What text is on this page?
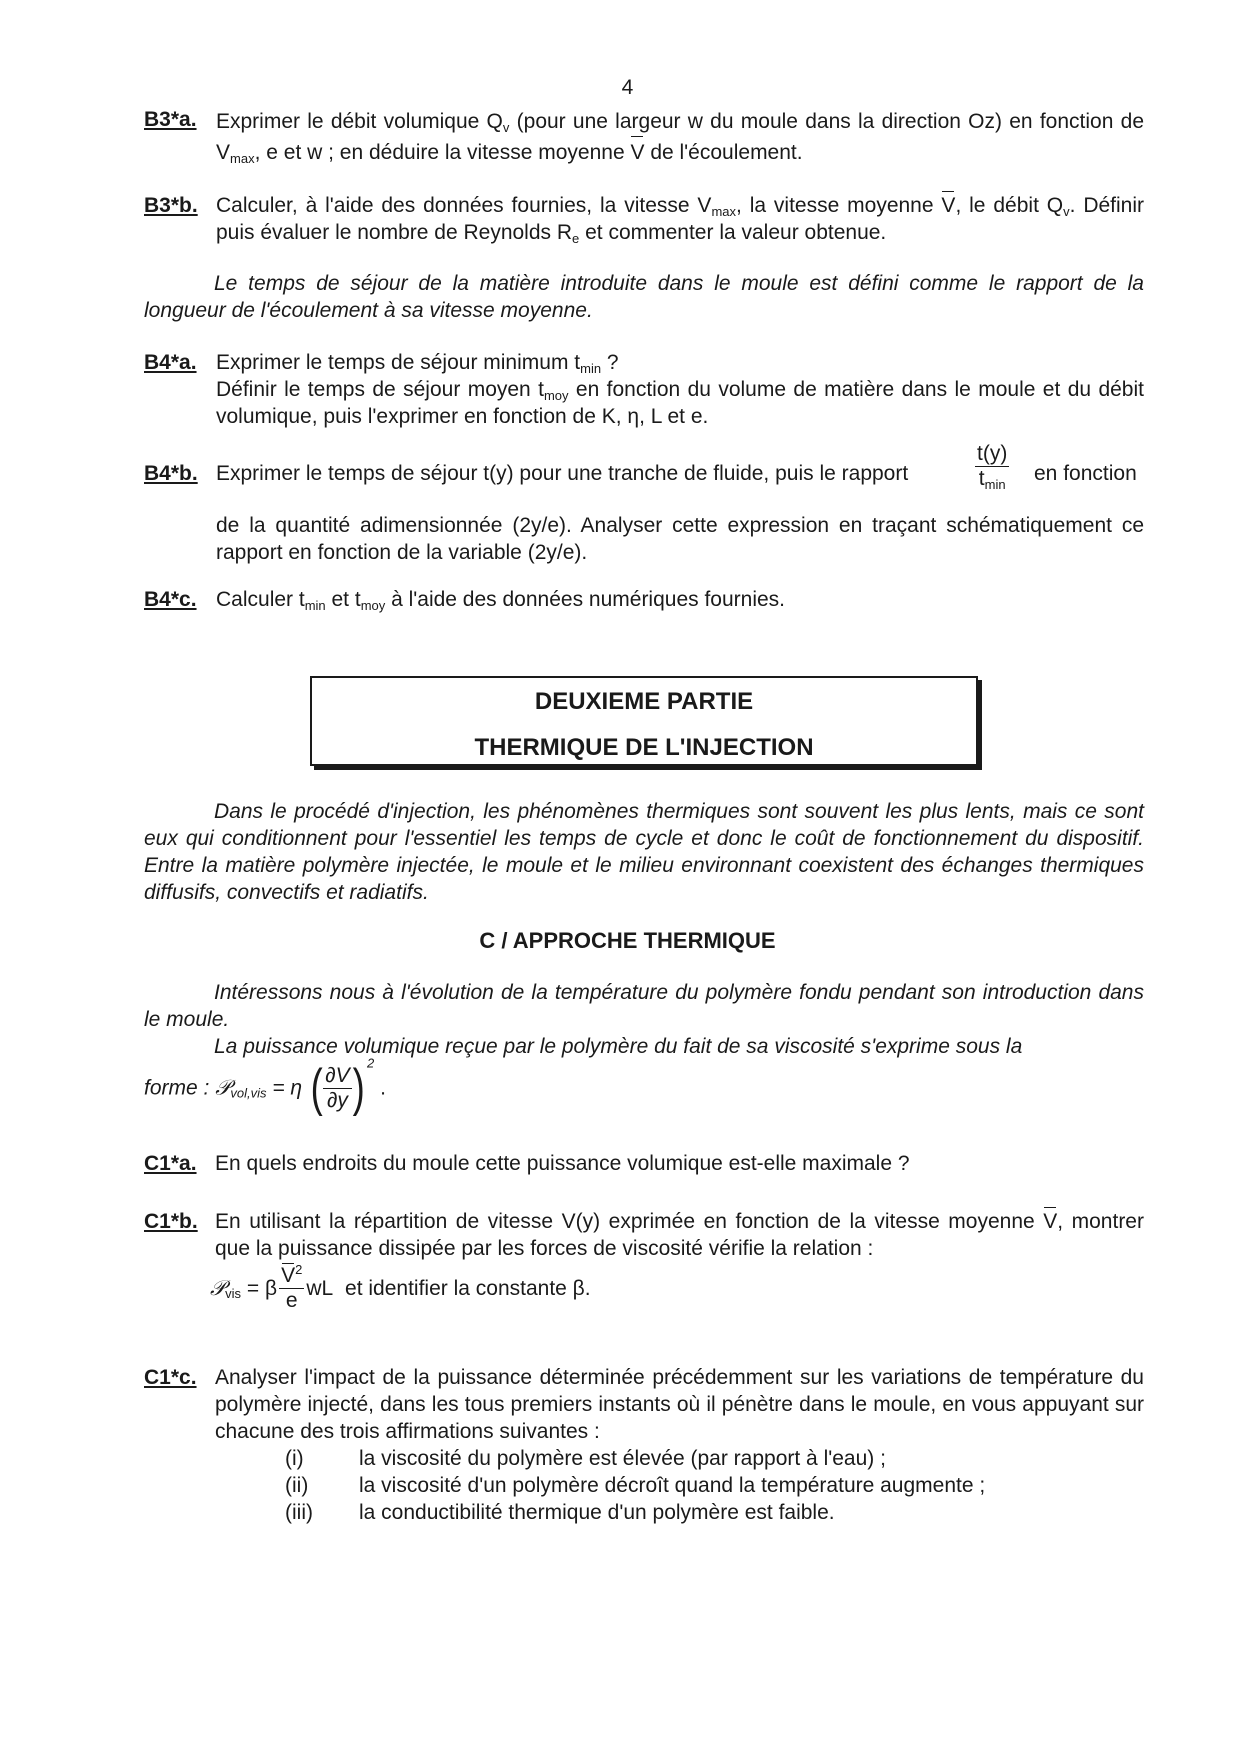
4
B3*a. Exprimer le débit volumique $Q_v$ (pour une largeur w du moule dans la direction Oz) en fonction de $V_{max}$, e et w ; en déduire la vitesse moyenne V de l'écoulement.
B3*b. Calculer, à l'aide des données fournies, la vitesse $V_{max}$, la vitesse moyenne V, le débit $Q_v$. Définir puis évaluer le nombre de Reynolds $R_e$ et commenter la valeur obtenue.
Le temps de séjour de la matière introduite dans le moule est défini comme le rapport de la longueur de l'écoulement à sa vitesse moyenne.
B4*a. Exprimer le temps de séjour minimum $t_{min}$ ?
Définir le temps de séjour moyen $t_{moy}$ en fonction du volume de matière dans le moule et du débit volumique, puis l'exprimer en fonction de K, η, L et e.
B4*b. Exprimer le temps de séjour t(y) pour une tranche de fluide, puis le rapport	$\frac{t(y)}{t_{min}}$ en fonction
de la quantité adimensionnée (2y/e). Analyser cette expression en traçant schématiquement ce rapport en fonction de la variable (2y/e).
B4*c. Calculer $t_{min}$ et $t_{moy}$ à l'aide des données numériques fournies.
DEUXIEME PARTIE
THERMIQUE DE L'INJECTION
Dans le procédé d'injection, les phénomènes thermiques sont souvent les plus lents, mais ce sont eux qui conditionnent pour l'essentiel les temps de cycle et donc le coût de fonctionnement du dispositif. Entre la matière polymère injectée, le moule et le milieu environnant coexistent des échanges thermiques diffusifs, convectifs et radiatifs.
C / APPROCHE THERMIQUE
Intéressons nous à l'évolution de la température du polymère fondu pendant son introduction dans le moule.
La puissance volumique reçue par le polymère du fait de sa viscosité s'exprime sous la
forme : 𝒫$_{vol,vis}$ = η ( $\frac{\partial V}{\partial y}$ ) $^2$ .
C1*a. En quels endroits du moule cette puissance volumique est-elle maximale ?
C1*b. En utilisant la répartition de vitesse V(y) exprimée en fonction de la vitesse moyenne V, montrer que la puissance dissipée par les forces de viscosité vérifie la relation :
𝒫$_{vis}$ = β $\frac{V^2}{e}$ wL et identifier la constante β.
C1*c. Analyser l'impact de la puissance déterminée précédemment sur les variations de température du polymère injecté, dans les tous premiers instants où il pénètre dans le moule, en vous appuyant sur chacune des trois affirmations suivantes :
(i)	la viscosité du polymère est élevée (par rapport à l'eau) ;
(ii) la viscosité d'un polymère décroît quand la température augmente ;
(iii) la conductibilité thermique d'un polymère est faible.
